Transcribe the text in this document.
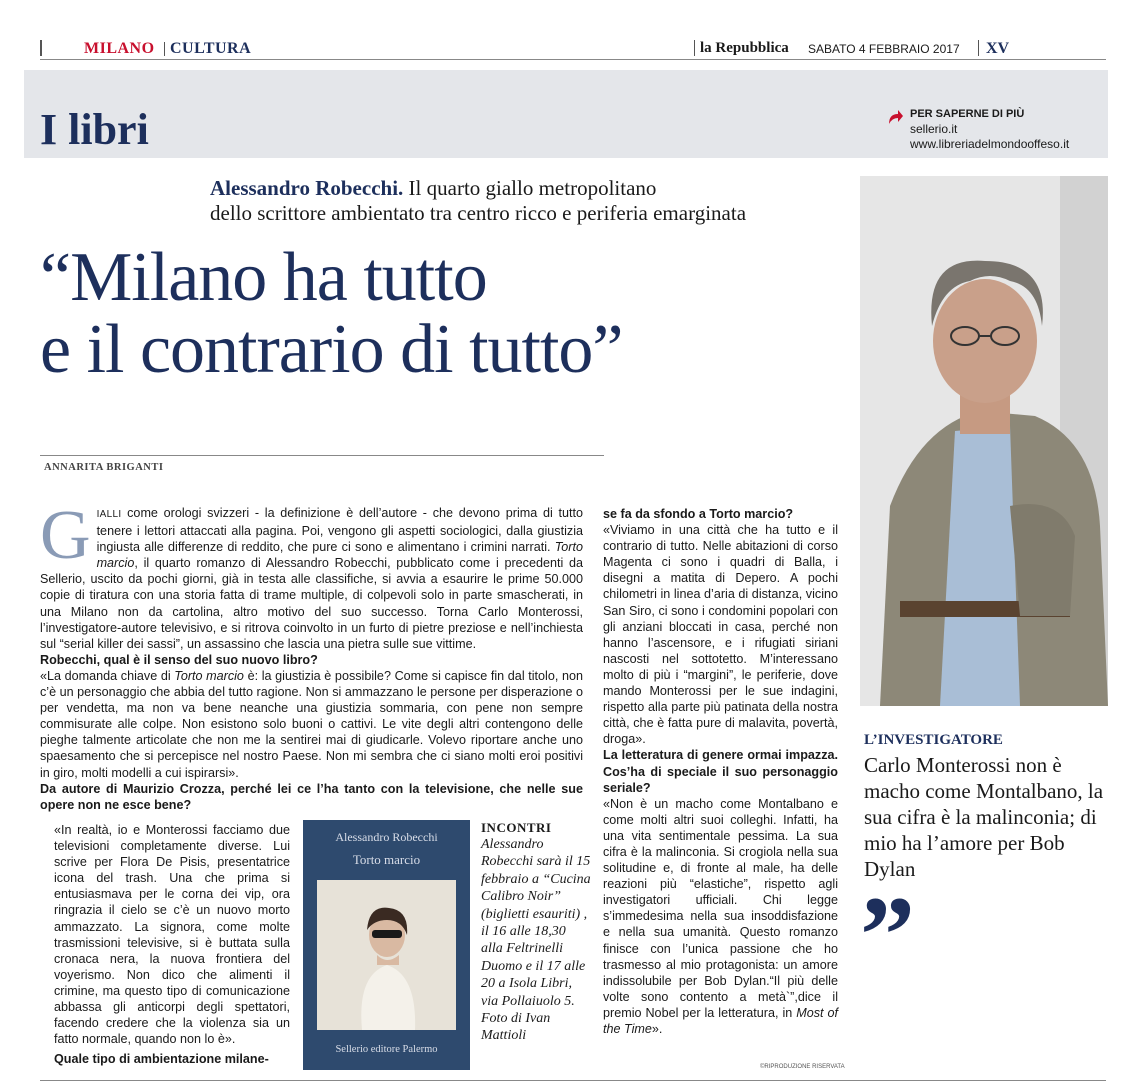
MILANO CULTURA	la Repubblica SABATO 4 FEBBRAIO 2017 XV
I libri	PER SAPERNE DI PIÙ
sellerio.it
www.libreriadelmondooffeso.it
Alessandro Robecchi. Il quarto giallo metropolitano
dello scrittore ambientato tra centro ricco e periferia emarginata
“Milano ha tutto
e il contrario di tutto”
ANNARITA BRIGANTI
L’INVESTIGATORE
Carlo Monterossi non è macho come Montalbano, la sua cifra è la malinconia; di mio ha l’amore per Bob Dylan
”

GIALLI come orologi svizzeri - la definizione è dell’autore - che devono prima di tutto tenere i lettori attaccati alla pagina. Poi, vengono gli aspetti sociologici, dalla giustizia ingiusta alle differenze di reddito, che pure ci sono e alimentano i crimini narrati. Torto marcio, il quarto romanzo di Alessandro Robecchi, pubblicato come i precedenti da Sellerio, uscito da pochi giorni, già in testa alle classifiche, si avvia a esaurire le prime 50.000 copie di tiratura con una storia fatta di trame multiple, di colpevoli solo in parte smascherati, in una Milano non da cartolina, altro motivo del suo successo. Torna Carlo Monterossi, l’investigatore-autore televisivo, e si ritrova coinvolto in un furto di pietre preziose e nell’inchiesta sul “serial killer dei sassi”, un assassino che lascia una pietra sulle sue vittime.

Robecchi, qual è il senso del suo nuovo libro?

«La domanda chiave di Torto marcio è: la giustizia è possibile? Come si capisce fin dal titolo, non c’è un personaggio che abbia del tutto ragione. Non si ammazzano le persone per disperazione o per vendetta, ma non va bene neanche una giustizia sommaria, con pene non sempre commisurate alle colpe. Non esistono solo buoni o cattivi. Le vite degli altri contengono delle pieghe talmente articolate che non me la sentirei mai di giudicarle. Volevo riportare anche uno spaesamento che si percepisce nel nostro Paese. Non mi sembra che ci siano molti eroi positivi in giro, molti modelli a cui ispirarsi».

Da autore di Maurizio Crozza, perché lei ce l’ha tanto con la televisione, che nelle sue opere non ne esce bene?

«In realtà, io e Monterossi facciamo due televisioni completamente diverse. Lui scrive per Flora De Pisis, presentatrice icona del trash. Una che prima si entusiasmava per le corna dei vip, ora ringrazia il cielo se c’è un nuovo morto ammazzato. La signora, come molte trasmissioni televisive, si è buttata sulla cronaca nera, la nuova frontiera del voyerismo. Non dico che alimenti il crimine, ma questo tipo di comunicazione abbassa gli anticorpi degli spettatori, facendo credere che la violenza sia un fatto normale, quando non lo è».

Quale tipo di ambientazione milane-

Alessandro Robecchi
Torto marcio
Sellerio editore Palermo
INCONTRI
Alessandro Robecchi sarà il 15 febbraio a “Cucina Calibro Noir” (biglietti esauriti) , il 16 alle 18,30 alla Feltrinelli Duomo e il 17 alle 20 a Isola Libri, via Pollaiuolo 5. Foto di Ivan Mattioli

se fa da sfondo a Torto marcio?

«Viviamo in una città che ha tutto e il contrario di tutto. Nelle abitazioni di corso Magenta ci sono i quadri di Balla, i disegni a matita di Depero. A pochi chilometri in linea d’aria di distanza, vicino San Siro, ci sono i condomini popolari con gli anziani bloccati in casa, perché non hanno l’ascensore, e i rifugiati siriani nascosti nel sottotetto. M’interessano molto di più i “margini”, le periferie, dove mando Monterossi per le sue indagini, rispetto alla parte più patinata della nostra città, che è fatta pure di malavita, povertà, droga».

La letteratura di genere ormai impazza. Cos’ha di speciale il suo personaggio seriale?

«Non è un macho come Montalbano e come molti altri suoi colleghi. Infatti, ha una vita sentimentale pessima. La sua cifra è la malinconia. Si crogiola nella sua solitudine e, di fronte al male, ha delle reazioni più “elastiche”, rispetto agli investigatori ufficiali. Chi legge s’immedesima nella sua insoddisfazione e nella sua umanità. Questo romanzo finisce con l’unica passione che ho trasmesso al mio protagonista: un amore indissolubile per Bob Dylan.“Il più delle volte sono contento a metà`”,dice il premio Nobel per la letteratura, in Most of the Time».

©RIPRODUZIONE RISERVATA
